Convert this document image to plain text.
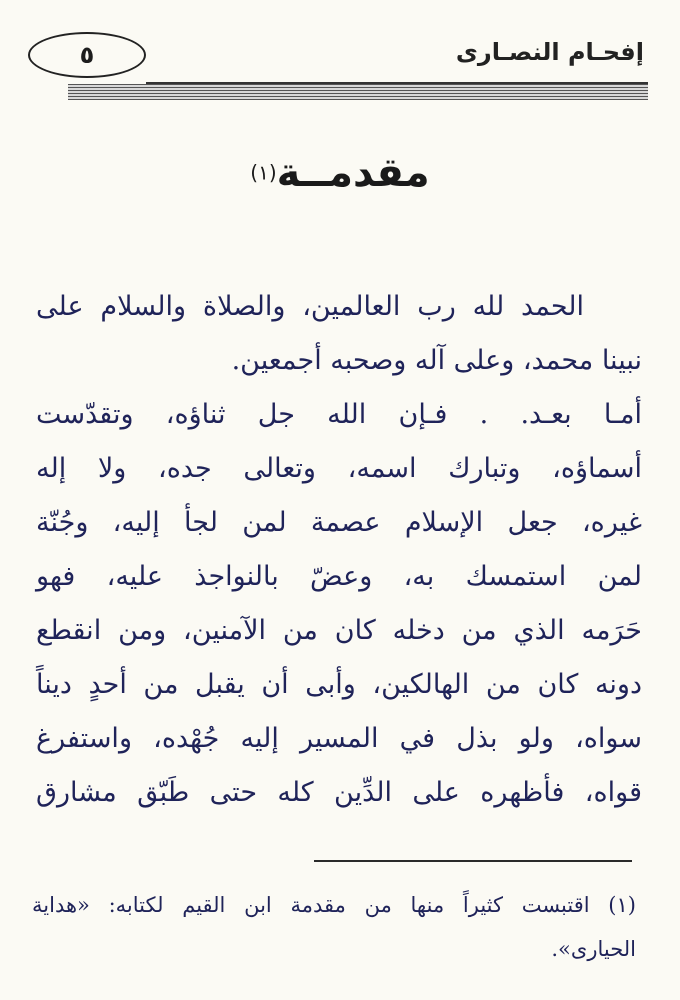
٥	إفحـام النصـارى
مقدمــة(١)
الحمد لله رب العالمين، والصلاة والسلام على
نبينا محمد، وعلى آله وصحبه أجمعين.
أمـا بعـد. . فـإن الله جل ثناؤه، وتقدّست
أسماؤه، وتبارك اسمه، وتعالى جده، ولا إله
غيره، جعل الإسلام عصمة لمن لجأ إليه، وجُنّة
لمن استمسك به، وعضّ بالنواجذ عليه، فهو
حَرَمه الذي من دخله كان من الآمنين، ومن انقطع
دونه كان من الهالكين، وأبى أن يقبل من أحدٍ ديناً
سواه، ولو بذل في المسير إليه جُهْده، واستفرغ
قواه، فأظهره على الدِّين كله حتى طَبّق مشارق
(١) اقتبست كثيراً منها من مقدمة ابن القيم لكتابه: «هداية
الحيارى».
